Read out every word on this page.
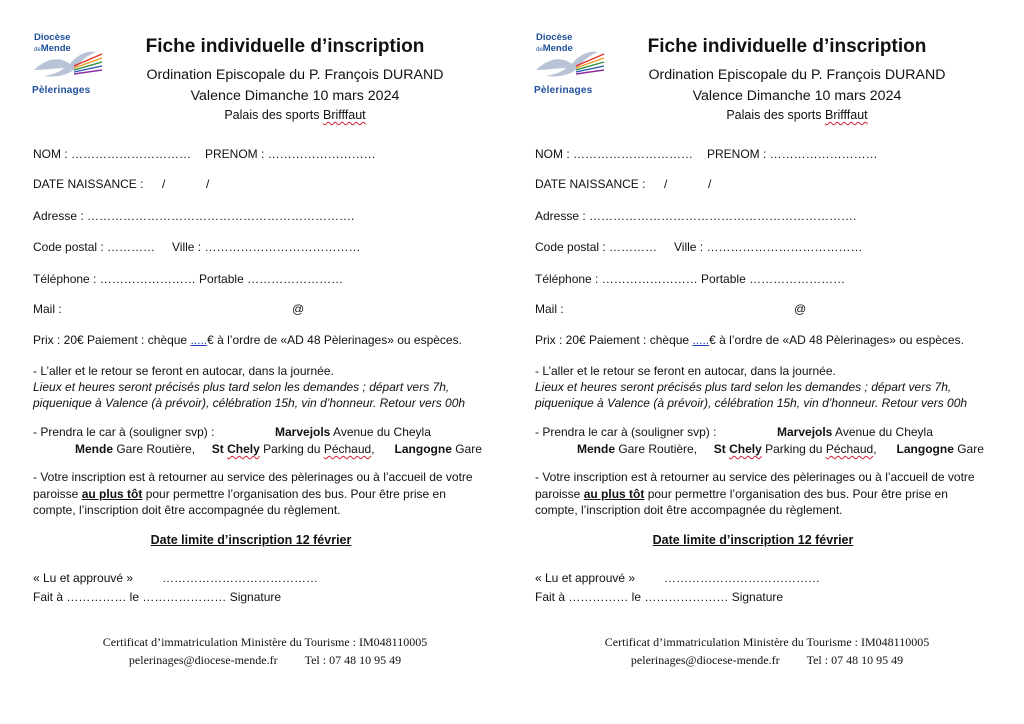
Diocèse
deMende
Pèlerinages
Fiche individuelle d’inscription
Ordination Episcopale du P. François DURAND
Valence Dimanche 10 mars 2024
Palais des sports Brifffaut
NOM : ………………………… PRENOM : ………………………
DATE NAISSANCE : /	/
Adresse : ………………………………………………………….
Code postal : ………… Ville : …………………………………
Téléphone : …………………… Portable ……………………
Mail :	@
Prix : 20€ Paiement : chèque .....€ à l’ordre de «AD 48 Pèlerinages» ou espèces.
- L’aller et le retour se feront en autocar, dans la journée.
Lieux et heures seront précisés plus tard selon les demandes ; départ vers 7h,
piquenique à Valence (à prévoir), célébration 15h, vin d’honneur. Retour vers 00h
- Prendra le car à (souligner svp) :	Marvejols Avenue du Cheyla
Mende Gare Routière, St Chely Parking du Péchaud, Langogne Gare
- Votre inscription est à retourner au service des pèlerinages ou à l’accueil de votre
paroisse au plus tôt pour permettre l’organisation des bus. Pour être prise en
compte, l’inscription doit être accompagnée du règlement.
Date limite d’inscription 12 février
« Lu et approuvé » …………………………………
Fait à …………… le ………………… Signature
Certificat d’immatriculation Ministère du Tourisme : IM048110005
pelerinages@diocese-mende.fr Tel : 07 48 10 95 49
Diocèse
deMende
Pèlerinages
Fiche individuelle d’inscription
Ordination Episcopale du P. François DURAND
Valence Dimanche 10 mars 2024
Palais des sports Brifffaut
NOM : ………………………… PRENOM : ………………………
DATE NAISSANCE : /	/
Adresse : ………………………………………………………….
Code postal : ………… Ville : …………………………………
Téléphone : …………………… Portable ……………………
Mail :	@
Prix : 20€ Paiement : chèque .....€ à l’ordre de «AD 48 Pèlerinages» ou espèces.
- L’aller et le retour se feront en autocar, dans la journée.
Lieux et heures seront précisés plus tard selon les demandes ; départ vers 7h,
piquenique à Valence (à prévoir), célébration 15h, vin d’honneur. Retour vers 00h
- Prendra le car à (souligner svp) :	Marvejols Avenue du Cheyla
Mende Gare Routière, St Chely Parking du Péchaud, Langogne Gare
- Votre inscription est à retourner au service des pèlerinages ou à l’accueil de votre
paroisse au plus tôt pour permettre l’organisation des bus. Pour être prise en
compte, l’inscription doit être accompagnée du règlement.
Date limite d’inscription 12 février
« Lu et approuvé » …………………………………
Fait à …………… le ………………… Signature
Certificat d’immatriculation Ministère du Tourisme : IM048110005
pelerinages@diocese-mende.fr Tel : 07 48 10 95 49
